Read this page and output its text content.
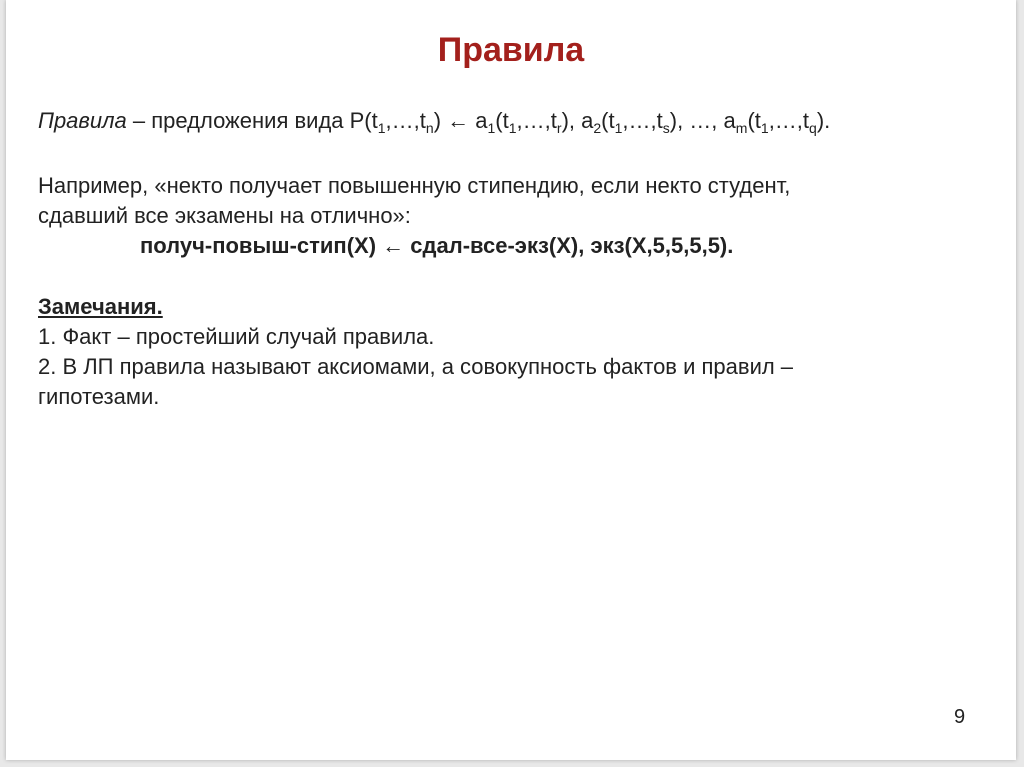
Правила
Правила – предложения вида $P(t_1,\dots,t_n)$ ← $a_1(t_1,\dots,t_r)$, $a_2(t_1,\dots,t_s)$, …, $a_m(t_1,\dots,t_q)$.
Например, «некто получает повышенную стипендию, если некто студент,
сдавший все экзамены на отлично»:
получ-повыш-стип(X) ← сдал-все-экз(X), экз(X,5,5,5,5).
Замечания.
1. Факт – простейший случай правила.
2. В ЛП правила называют аксиомами, а совокупность фактов и правил –
гипотезами.
9
